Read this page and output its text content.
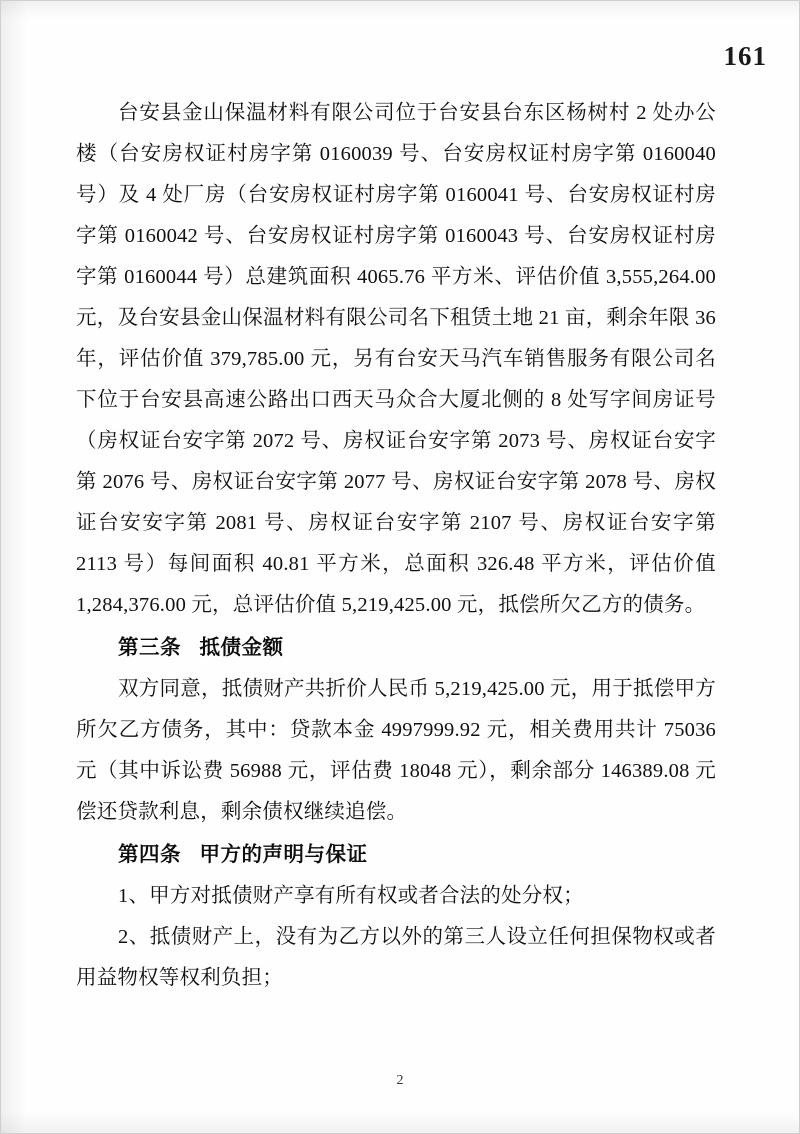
161

台安县金山保温材料有限公司位于台安县台东区杨树村 2 处办公楼（台安房权证村房字第 0160039 号、台安房权证村房字第 0160040 号）及 4 处厂房（台安房权证村房字第 0160041 号、台安房权证村房字第 0160042 号、台安房权证村房字第 0160043 号、台安房权证村房字第 0160044 号）总建筑面积 4065.76 平方米、评估价值 3,555,264.00 元，及台安县金山保温材料有限公司名下租赁土地 21 亩，剩余年限 36 年，评估价值 379,785.00 元，另有台安天马汽车销售服务有限公司名下位于台安县高速公路出口西天马众合大厦北侧的 8 处写字间房证号（房权证台安字第 2072 号、房权证台安字第 2073 号、房权证台安字第 2076 号、房权证台安字第 2077 号、房权证台安字第 2078 号、房权证台安安字第 2081 号、房权证台安字第 2107 号、房权证台安字第 2113 号）每间面积 40.81 平方米，总面积 326.48 平方米，评估价值 1,284,376.00 元，总评估价值 5,219,425.00 元，抵偿所欠乙方的债务。

第三条 抵债金额

双方同意，抵债财产共折价人民币 5,219,425.00 元，用于抵偿甲方所欠乙方债务，其中：贷款本金 4997999.92 元，相关费用共计 75036 元（其中诉讼费 56988 元，评估费 18048 元），剩余部分 146389.08 元偿还贷款利息，剩余债权继续追偿。

第四条 甲方的声明与保证

1、甲方对抵债财产享有所有权或者合法的处分权；

2、抵债财产上，没有为乙方以外的第三人设立任何担保物权或者用益物权等权利负担；

2
